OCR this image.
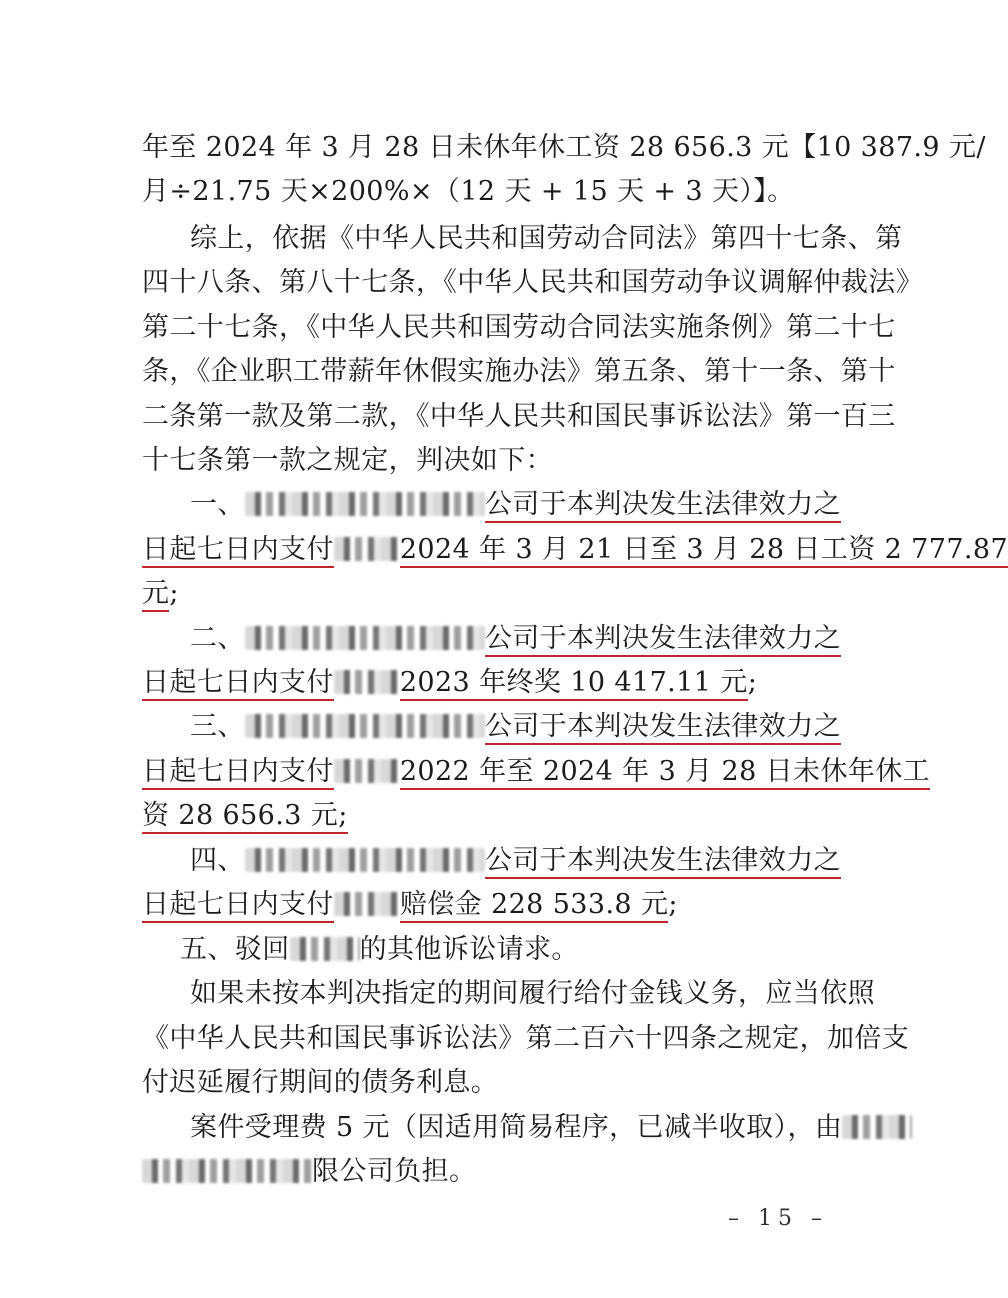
年至 2024 年 3 月 28 日未休年休工资 28 656.3 元【10 387.9 元/
月÷21.75 天×200%×（12 天 + 15 天 + 3 天）】。
综上，依据《中华人民共和国劳动合同法》第四十七条、第
四十八条、第八十七条，《中华人民共和国劳动争议调解仲裁法》
第二十七条，《中华人民共和国劳动合同法实施条例》第二十七
条，《企业职工带薪年休假实施办法》第五条、第十一条、第十
二条第一款及第二款，《中华人民共和国民事诉讼法》第一百三
十七条第一款之规定，判决如下：
一、	公司于本判决发生法律效力之
日起七日内支付 2024 年 3 月 21 日至 3 月 28 日工资 2 777.87
元;
二、	公司于本判决发生法律效力之
日起七日内支付 2023 年终奖 10 417.11 元;
三、	公司于本判决发生法律效力之
日起七日内支付 2022 年至 2024 年 3 月 28 日未休年休工
资 28 656.3 元;
四、	公司于本判决发生法律效力之
日起七日内支付 赔偿金 228 533.8 元;
五、驳回	的其他诉讼请求。
如果未按本判决指定的期间履行给付金钱义务，应当依照
《中华人民共和国民事诉讼法》第二百六十四条之规定，加倍支
付迟延履行期间的债务利息。
案件受理费 5 元（因适用简易程序，已减半收取），由
限公司负担。
– 15 –
